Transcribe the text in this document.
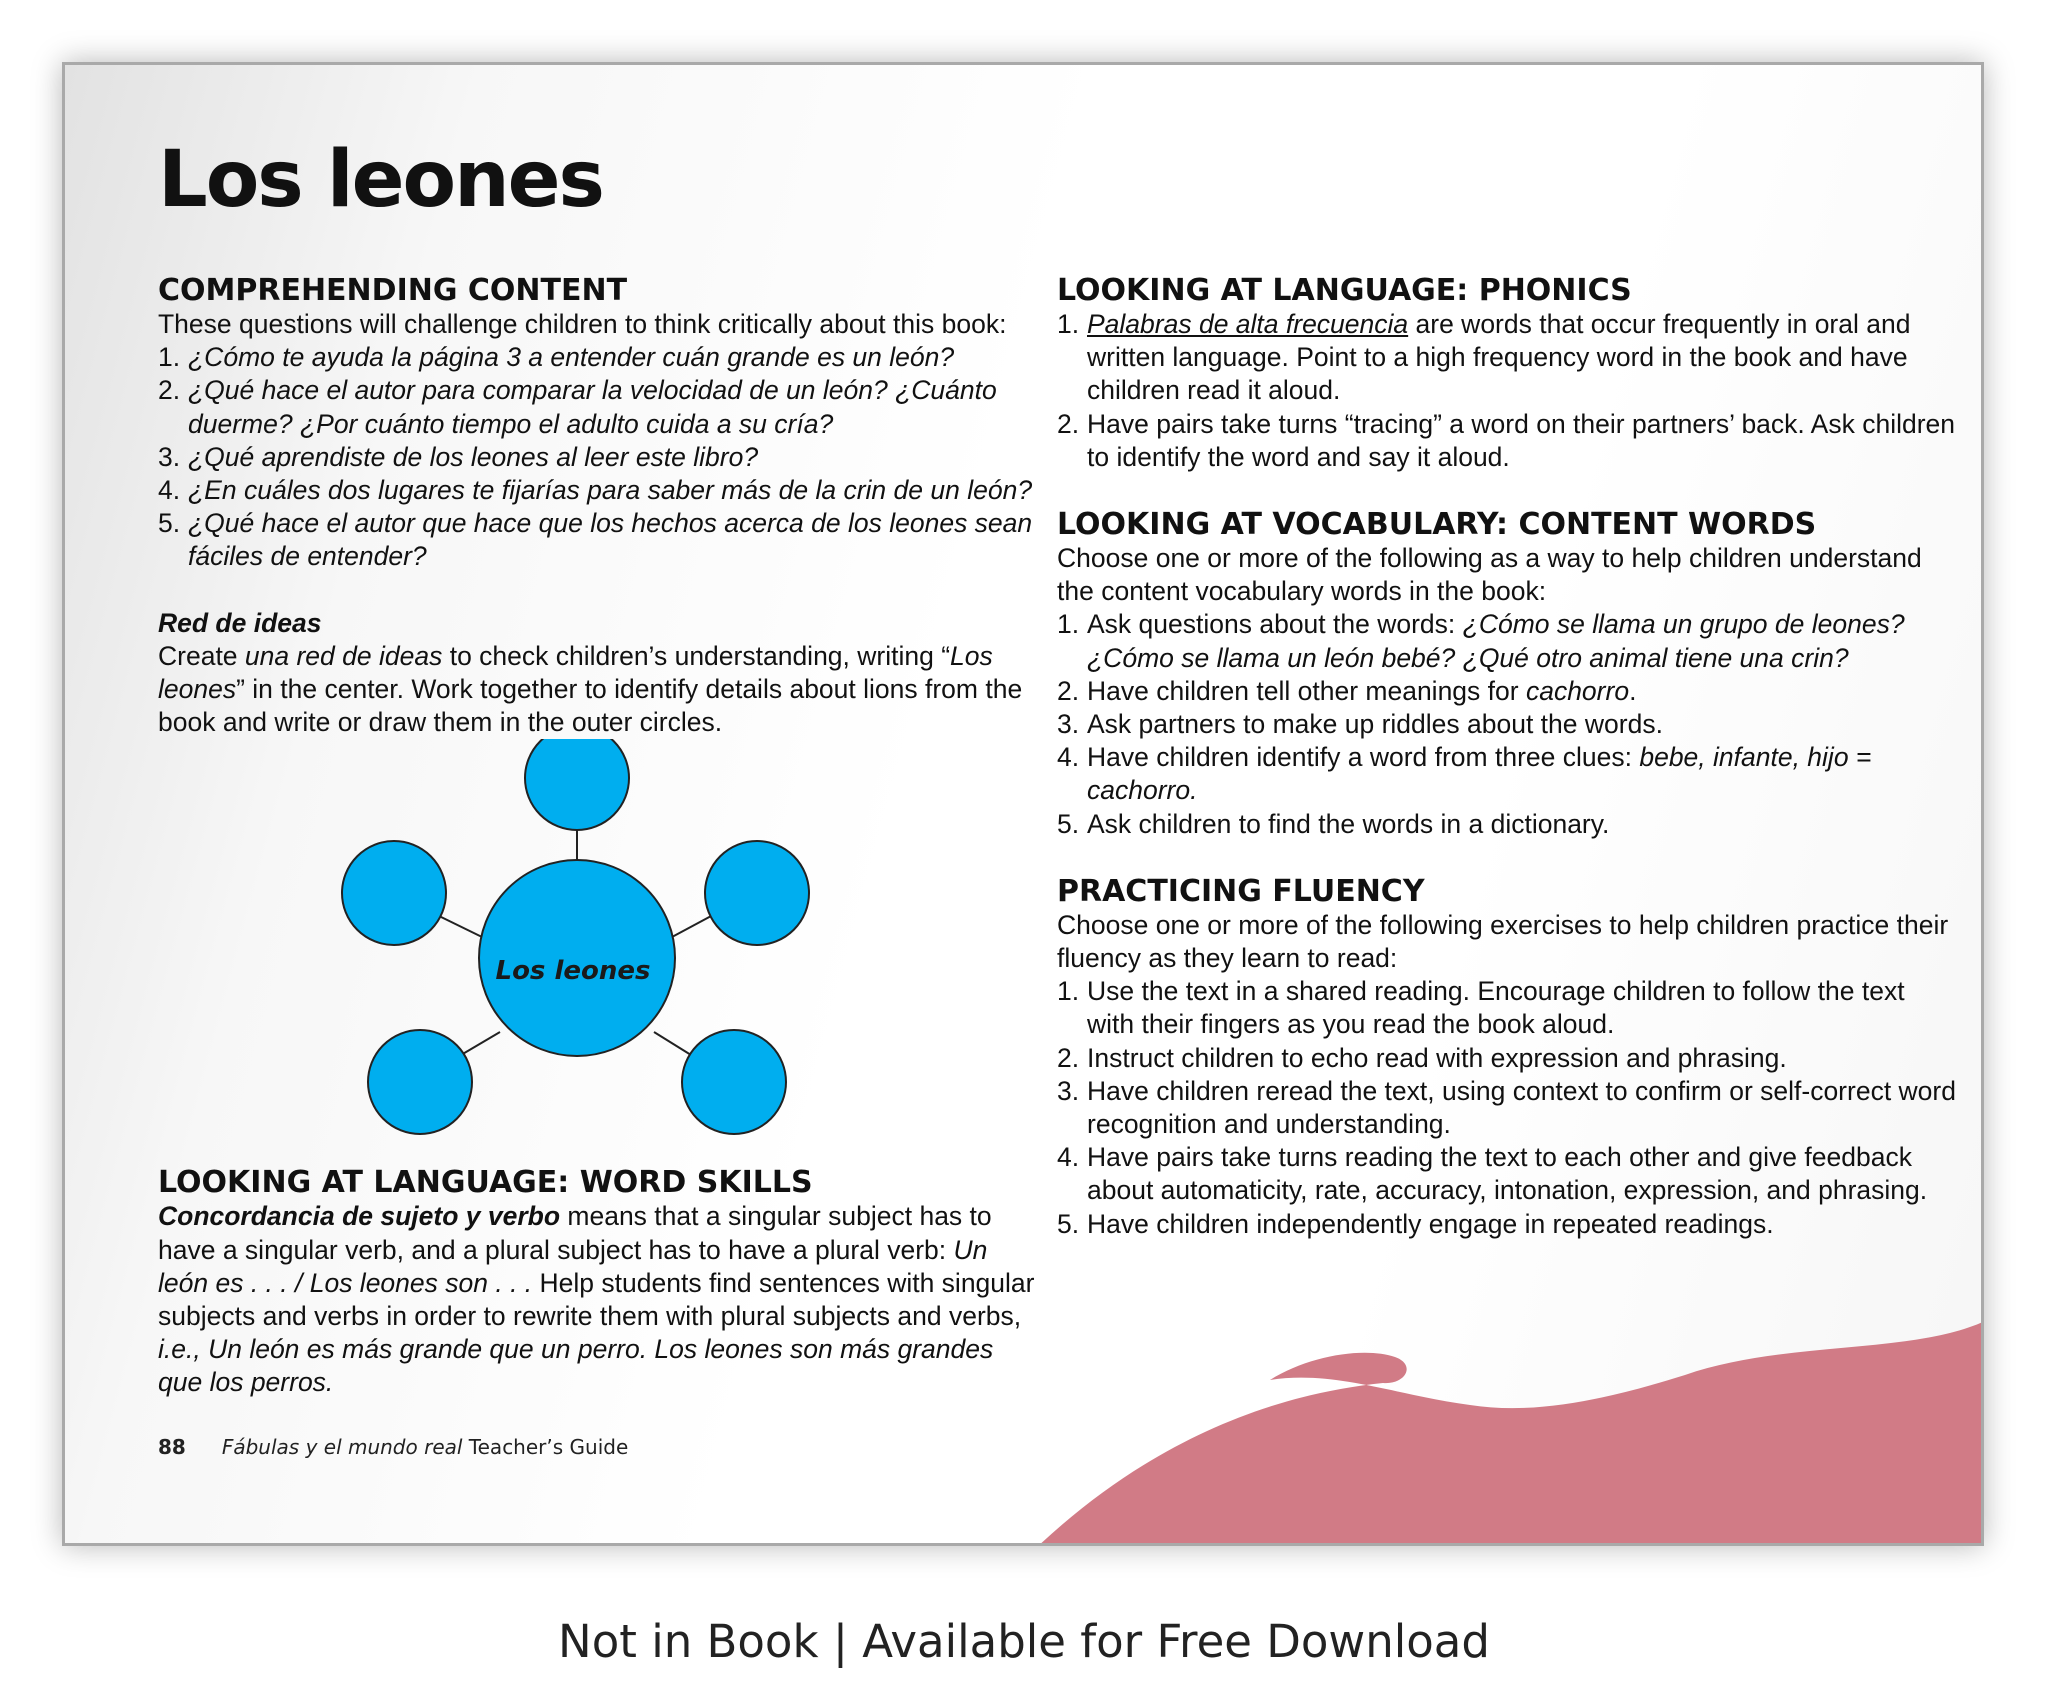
Los leones
COMPREHENDING CONTENT

These questions will challenge children to think critically about this book:

1. ¿Cómo te ayuda la página 3 a entender cuán grande es un león?
2. ¿Qué hace el autor para comparar la velocidad de un león? ¿Cuánto duerme? ¿Por cuánto tiempo el adulto cuida a su cría?
3. ¿Qué aprendiste de los leones al leer este libro?
4. ¿En cuáles dos lugares te fijarías para saber más de la crin de un león?
5. ¿Qué hace el autor que hace que los hechos acerca de los leones sean fáciles de entender?

Red de ideas

Create una red de ideas to check children’s understanding, writing “Los leones” in the center. Work together to identify details about lions from the book and write or draw them in the outer circles.

Los leones
LOOKING AT LANGUAGE: WORD SKILLS

Concordancia de sujeto y verbo means that a singular subject has to have a singular verb, and a plural subject has to have a plural verb: Un león es . . . / Los leones son . . . Help students find sentences with singular subjects and verbs in order to rewrite them with plural subjects and verbs, i.e., Un león es más grande que un perro. Los leones son más grandes que los perros.

LOOKING AT LANGUAGE: PHONICS
1. Palabras de alta frecuencia are words that occur frequently in oral and written language. Point to a high frequency word in the book and have children read it aloud.
2. Have pairs take turns “tracing” a word on their partners’ back. Ask children to identify the word and say it aloud.
LOOKING AT VOCABULARY: CONTENT WORDS

Choose one or more of the following as a way to help children understand the content vocabulary words in the book:

1. Ask questions about the words: ¿Cómo se llama un grupo de leones? ¿Cómo se llama un león bebé? ¿Qué otro animal tiene una crin?
2. Have children tell other meanings for cachorro.
3. Ask partners to make up riddles about the words.
4. Have children identify a word from three clues: bebe, infante, hijo = cachorro.
5. Ask children to find the words in a dictionary.
PRACTICING FLUENCY

Choose one or more of the following exercises to help children practice their fluency as they learn to read:

1. Use the text in a shared reading. Encourage children to follow the text with their fingers as you read the book aloud.
2. Instruct children to echo read with expression and phrasing.
3. Have children reread the text, using context to confirm or self-correct word recognition and understanding.
4. Have pairs take turns reading the text to each other and give feedback about automaticity, rate, accuracy, intonation, expression, and phrasing.
5. Have children independently engage in repeated readings.
88 Fábulas y el mundo real Teacher’s Guide
Not in Book | Available for Free Download
